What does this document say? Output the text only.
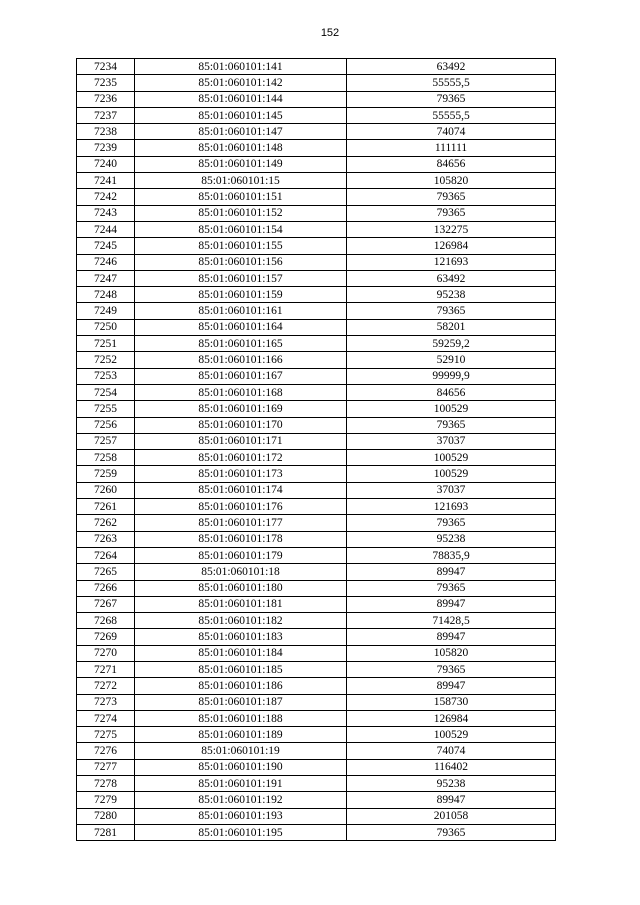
152
7234	85:01:060101:141	63492
7235	85:01:060101:142	55555,5
7236	85:01:060101:144	79365
7237	85:01:060101:145	55555,5
7238	85:01:060101:147	74074
7239	85:01:060101:148	111111
7240	85:01:060101:149	84656
7241	85:01:060101:15	105820
7242	85:01:060101:151	79365
7243	85:01:060101:152	79365
7244	85:01:060101:154	132275
7245	85:01:060101:155	126984
7246	85:01:060101:156	121693
7247	85:01:060101:157	63492
7248	85:01:060101:159	95238
7249	85:01:060101:161	79365
7250	85:01:060101:164	58201
7251	85:01:060101:165	59259,2
7252	85:01:060101:166	52910
7253	85:01:060101:167	99999,9
7254	85:01:060101:168	84656
7255	85:01:060101:169	100529
7256	85:01:060101:170	79365
7257	85:01:060101:171	37037
7258	85:01:060101:172	100529
7259	85:01:060101:173	100529
7260	85:01:060101:174	37037
7261	85:01:060101:176	121693
7262	85:01:060101:177	79365
7263	85:01:060101:178	95238
7264	85:01:060101:179	78835,9
7265	85:01:060101:18	89947
7266	85:01:060101:180	79365
7267	85:01:060101:181	89947
7268	85:01:060101:182	71428,5
7269	85:01:060101:183	89947
7270	85:01:060101:184	105820
7271	85:01:060101:185	79365
7272	85:01:060101:186	89947
7273	85:01:060101:187	158730
7274	85:01:060101:188	126984
7275	85:01:060101:189	100529
7276	85:01:060101:19	74074
7277	85:01:060101:190	116402
7278	85:01:060101:191	95238
7279	85:01:060101:192	89947
7280	85:01:060101:193	201058
7281	85:01:060101:195	79365
